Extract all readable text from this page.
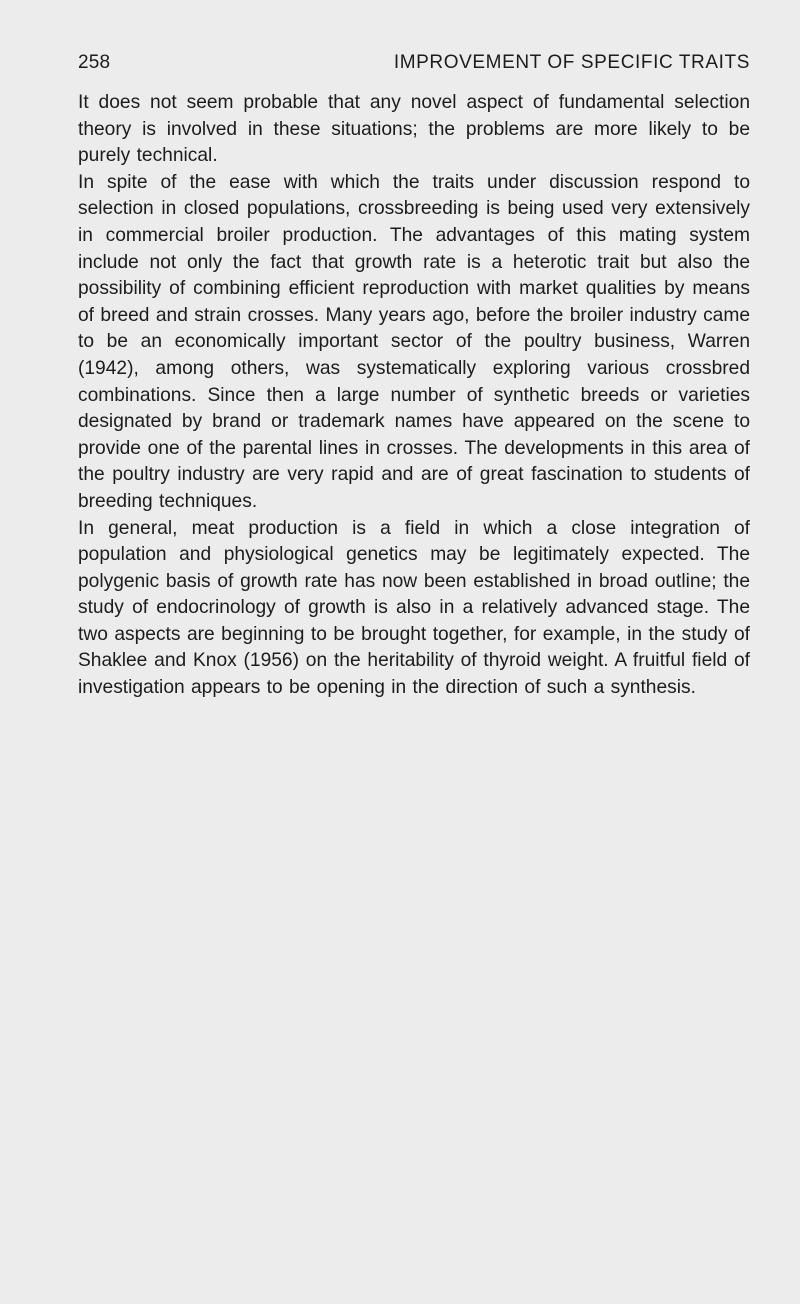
258	IMPROVEMENT OF SPECIFIC TRAITS

It does not seem probable that any novel aspect of fundamental selection theory is involved in these situations; the problems are more likely to be purely technical.

In spite of the ease with which the traits under discussion respond to selection in closed populations, crossbreeding is being used very extensively in commercial broiler production. The advantages of this mating system include not only the fact that growth rate is a heterotic trait but also the possibility of combining efficient reproduction with market qualities by means of breed and strain crosses. Many years ago, before the broiler industry came to be an economically important sector of the poultry business, Warren (1942), among others, was systematically exploring various crossbred combinations. Since then a large number of synthetic breeds or varieties designated by brand or trademark names have appeared on the scene to provide one of the parental lines in crosses. The developments in this area of the poultry industry are very rapid and are of great fascination to students of breeding techniques.

In general, meat production is a field in which a close integration of population and physiological genetics may be legitimately expected. The polygenic basis of growth rate has now been established in broad outline; the study of endocrinology of growth is also in a relatively advanced stage. The two aspects are beginning to be brought together, for example, in the study of Shaklee and Knox (1956) on the heritability of thyroid weight. A fruitful field of investigation appears to be opening in the direction of such a synthesis.
